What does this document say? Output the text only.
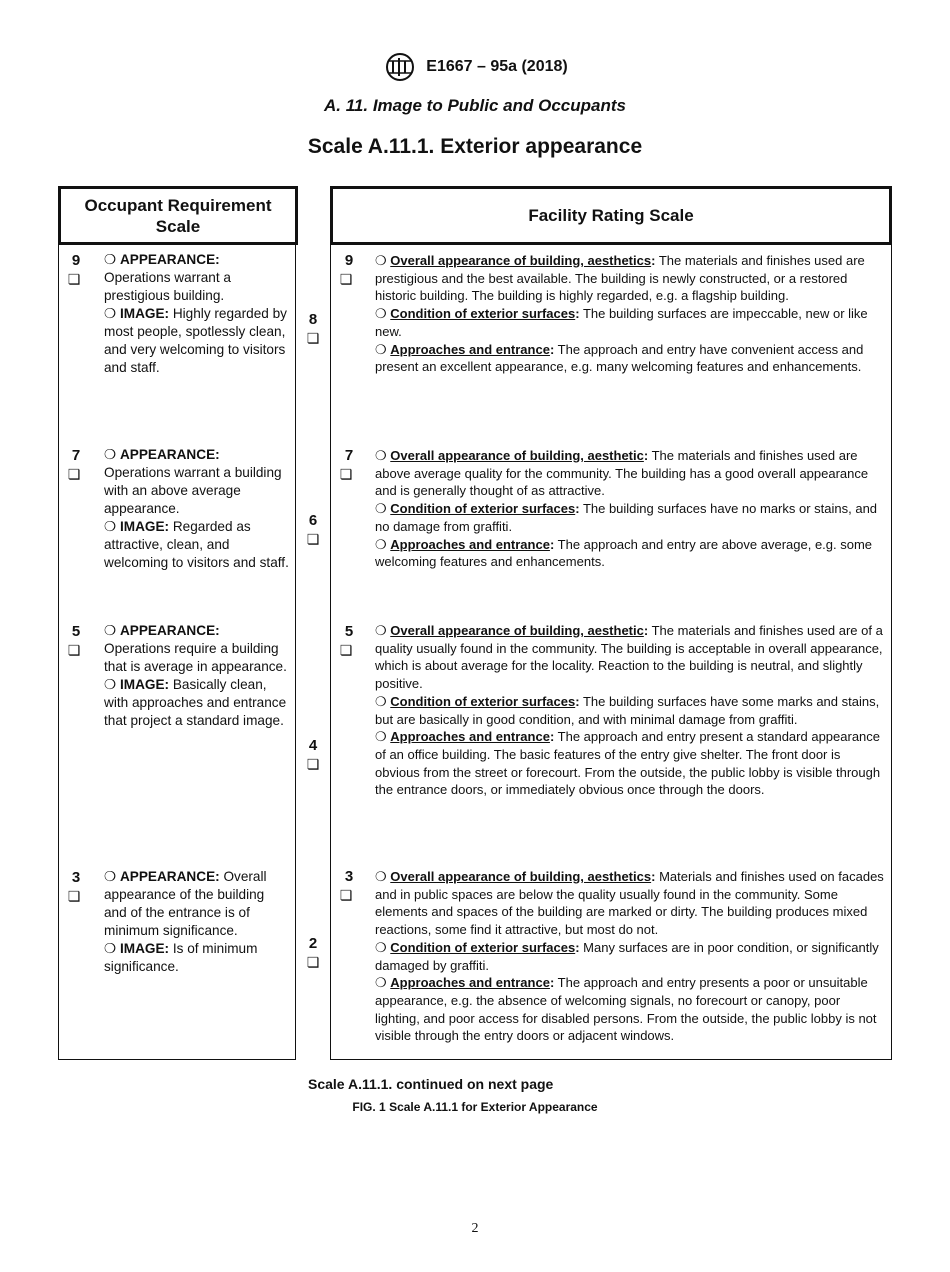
E1667 – 95a (2018)
A. 11. Image to Public and Occupants
Scale A.11.1. Exterior appearance
Occupant Requirement Scale
Facility Rating Scale
9
❏
❍ APPEARANCE:
Operations warrant a prestigious building.
❍ IMAGE: Highly regarded by most people, spotlessly clean, and very welcoming to visitors and staff.
7
❏
❍ APPEARANCE:
Operations warrant a building with an above average appearance.
❍ IMAGE: Regarded as attractive, clean, and welcoming to visitors and staff.
5
❏
❍ APPEARANCE:
Operations require a building that is average in appearance.
❍ IMAGE: Basically clean, with approaches and entrance that project a standard image.
3
❏
❍ APPEARANCE: Overall appearance of the building and of the entrance is of minimum significance.
❍ IMAGE: Is of minimum significance.
8
❏
6
❏
4
❏
2
❏
9
❏
❍ Overall appearance of building, aesthetics: The materials and finishes used are prestigious and the best available. The building is newly constructed, or a restored historic building. The building is highly regarded, e.g. a flagship building.
❍ Condition of exterior surfaces: The building surfaces are impeccable, new or like new.
❍ Approaches and entrance: The approach and entry have convenient access and present an excellent appearance, e.g. many welcoming features and enhancements.
7
❏
❍ Overall appearance of building, aesthetic: The materials and finishes used are above average quality for the community. The building has a good overall appearance and is generally thought of as attractive.
❍ Condition of exterior surfaces: The building surfaces have no marks or stains, and no damage from graffiti.
❍ Approaches and entrance: The approach and entry are above average, e.g. some welcoming features and enhancements.
5
❏
❍ Overall appearance of building, aesthetic: The materials and finishes used are of a quality usually found in the community. The building is acceptable in overall appearance, which is about average for the locality. Reaction to the building is neutral, and slightly positive.
❍ Condition of exterior surfaces: The building surfaces have some marks and stains, but are basically in good condition, and with minimal damage from graffiti.
❍ Approaches and entrance: The approach and entry present a standard appearance of an office building. The basic features of the entry give shelter. The front door is obvious from the street or forecourt. From the outside, the public lobby is visible through the entrance doors, or immediately obvious once through the doors.
3
❏
❍ Overall appearance of building, aesthetics: Materials and finishes used on facades and in public spaces are below the quality usually found in the community. Some elements and spaces of the building are marked or dirty. The building produces mixed reactions, some find it attractive, but most do not.
❍ Condition of exterior surfaces: Many surfaces are in poor condition, or significantly damaged by graffiti.
❍ Approaches and entrance: The approach and entry presents a poor or unsuitable appearance, e.g. the absence of welcoming signals, no forecourt or canopy, poor lighting, and poor access for disabled persons. From the outside, the public lobby is not visible through the entry doors or adjacent windows.
Scale A.11.1. continued on next page
FIG. 1 Scale A.11.1 for Exterior Appearance
2
